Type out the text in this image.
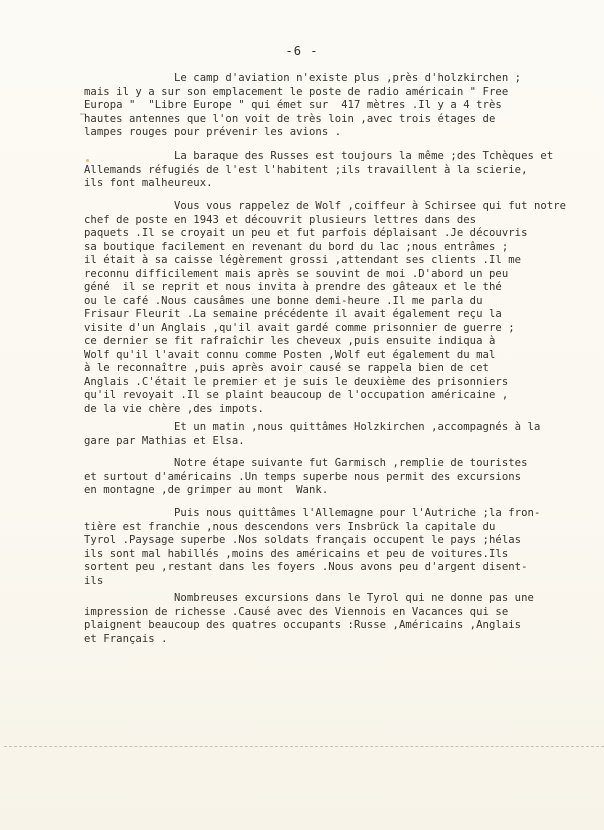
-6 -
Le camp d'aviation n'existe plus ,près d'holzkirchen ;
mais il y a sur son emplacement le poste de radio américain " Free
Europa "  "Libre Europe " qui émet sur  417 mètres .Il y a 4 très
hautes antennes que l'on voit de très loin ,avec trois étages de
lampes rouges pour prévenir les avions .
La baraque des Russes est toujours la même ;des Tchèques et
Allemands réfugiés de l'est l'habitent ;ils travaillent à la scierie,
ils font malheureux.
Vous vous rappelez de Wolf ,coiffeur à Schirsee qui fut notre
chef de poste en 1943 et découvrit plusieurs lettres dans des
paquets .Il se croyait un peu et fut parfois déplaisant .Je découvris
sa boutique facilement en revenant du bord du lac ;nous entrâmes ;
il était à sa caisse légèrement grossi ,attendant ses clients .Il me
reconnu difficilement mais après se souvint de moi .D'abord un peu
géné  il se reprit et nous invita à prendre des gâteaux et le thé
ou le café .Nous causâmes une bonne demi-heure .Il me parla du
Frisaur Fleurit .La semaine précédente il avait également reçu la
visite d'un Anglais ,qu'il avait gardé comme prisonnier de guerre ;
ce dernier se fit rafraîchir les cheveux ,puis ensuite indiqua à
Wolf qu'il l'avait connu comme Posten ,Wolf eut également du mal
à le reconnaître ,puis après avoir causé se rappela bien de cet
Anglais .C'était le premier et je suis le deuxième des prisonniers
qu'il revoyait .Il se plaint beaucoup de l'occupation américaine ,
de la vie chère ,des impots.
Et un matin ,nous quittâmes Holzkirchen ,accompagnés à la
gare par Mathias et Elsa.
Notre étape suivante fut Garmisch ,remplie de touristes
et surtout d'américains .Un temps superbe nous permit des excursions
en montagne ,de grimper au mont  Wank.
Puis nous quittâmes l'Allemagne pour l'Autriche ;la fron-
tière est franchie ,nous descendons vers Insbrück la capitale du
Tyrol .Paysage superbe .Nos soldats français occupent le pays ;hélas
ils sont mal habillés ,moins des américains et peu de voitures.Ils
sortent peu ,restant dans les foyers .Nous avons peu d'argent disent-
ils
Nombreuses excursions dans le Tyrol qui ne donne pas une
impression de richesse .Causé avec des Viennois en Vacances qui se
plaignent beaucoup des quatres occupants :Russe ,Américains ,Anglais
et Français .
